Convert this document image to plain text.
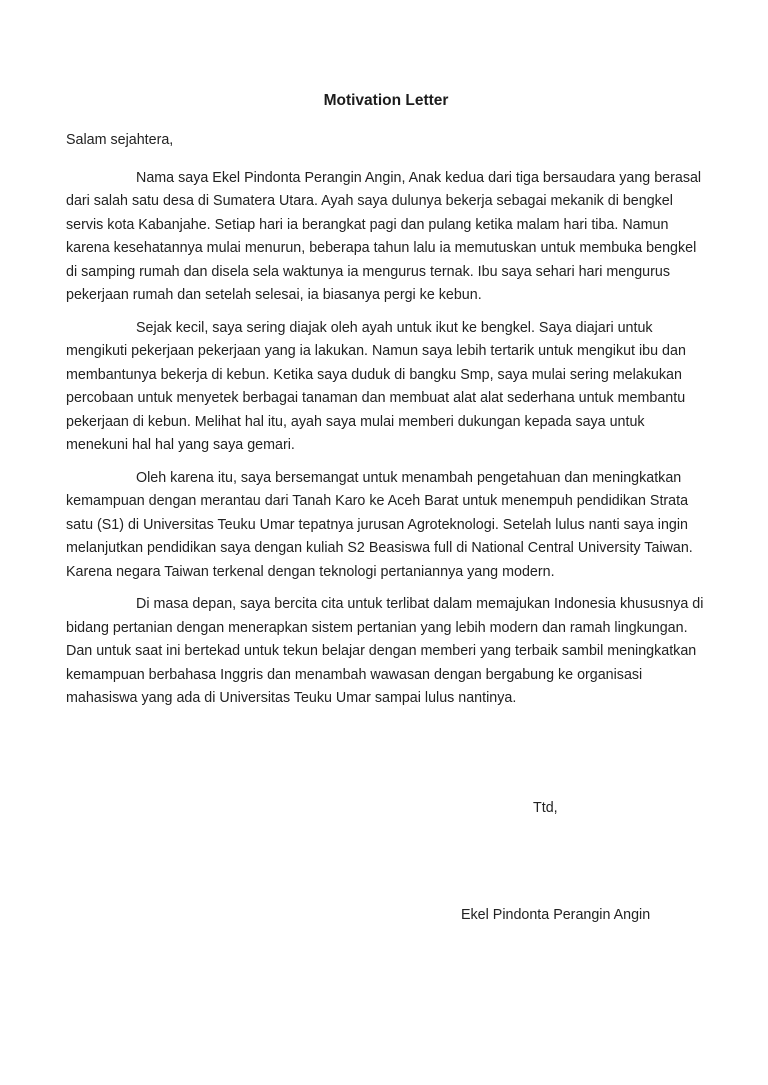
Motivation Letter

Salam sejahtera,

Nama saya Ekel Pindonta Perangin Angin, Anak kedua dari tiga bersaudara yang berasal dari salah satu desa di Sumatera Utara. Ayah saya dulunya bekerja sebagai mekanik di bengkel servis kota Kabanjahe. Setiap hari ia berangkat pagi dan pulang ketika malam hari tiba. Namun karena kesehatannya mulai menurun, beberapa tahun lalu ia memutuskan untuk membuka bengkel di samping rumah dan disela sela waktunya ia mengurus ternak. Ibu saya sehari hari mengurus pekerjaan rumah dan setelah selesai, ia biasanya pergi ke kebun.

Sejak kecil, saya sering diajak oleh ayah untuk ikut ke bengkel. Saya diajari untuk mengikuti pekerjaan pekerjaan yang ia lakukan. Namun saya lebih tertarik untuk mengikut ibu dan membantunya bekerja di kebun. Ketika saya duduk di bangku Smp, saya mulai sering melakukan percobaan untuk menyetek berbagai tanaman dan membuat alat alat sederhana untuk membantu pekerjaan di kebun. Melihat hal itu, ayah saya mulai memberi dukungan kepada saya untuk menekuni hal hal yang saya gemari.

Oleh karena itu, saya bersemangat untuk menambah pengetahuan dan meningkatkan kemampuan dengan merantau dari Tanah Karo ke Aceh Barat untuk menempuh pendidikan Strata satu (S1) di Universitas Teuku Umar tepatnya jurusan Agroteknologi. Setelah lulus nanti saya ingin melanjutkan pendidikan saya dengan kuliah S2 Beasiswa full di National Central University Taiwan. Karena negara Taiwan terkenal dengan teknologi pertaniannya yang modern.

Di masa depan, saya bercita cita untuk terlibat dalam memajukan Indonesia khususnya di bidang pertanian dengan menerapkan sistem pertanian yang lebih modern dan ramah lingkungan. Dan untuk saat ini bertekad untuk tekun belajar dengan memberi yang terbaik sambil meningkatkan kemampuan berbahasa Inggris dan menambah wawasan dengan bergabung ke organisasi mahasiswa yang ada di Universitas Teuku Umar sampai lulus nantinya.

Ttd,

Ekel Pindonta Perangin Angin
